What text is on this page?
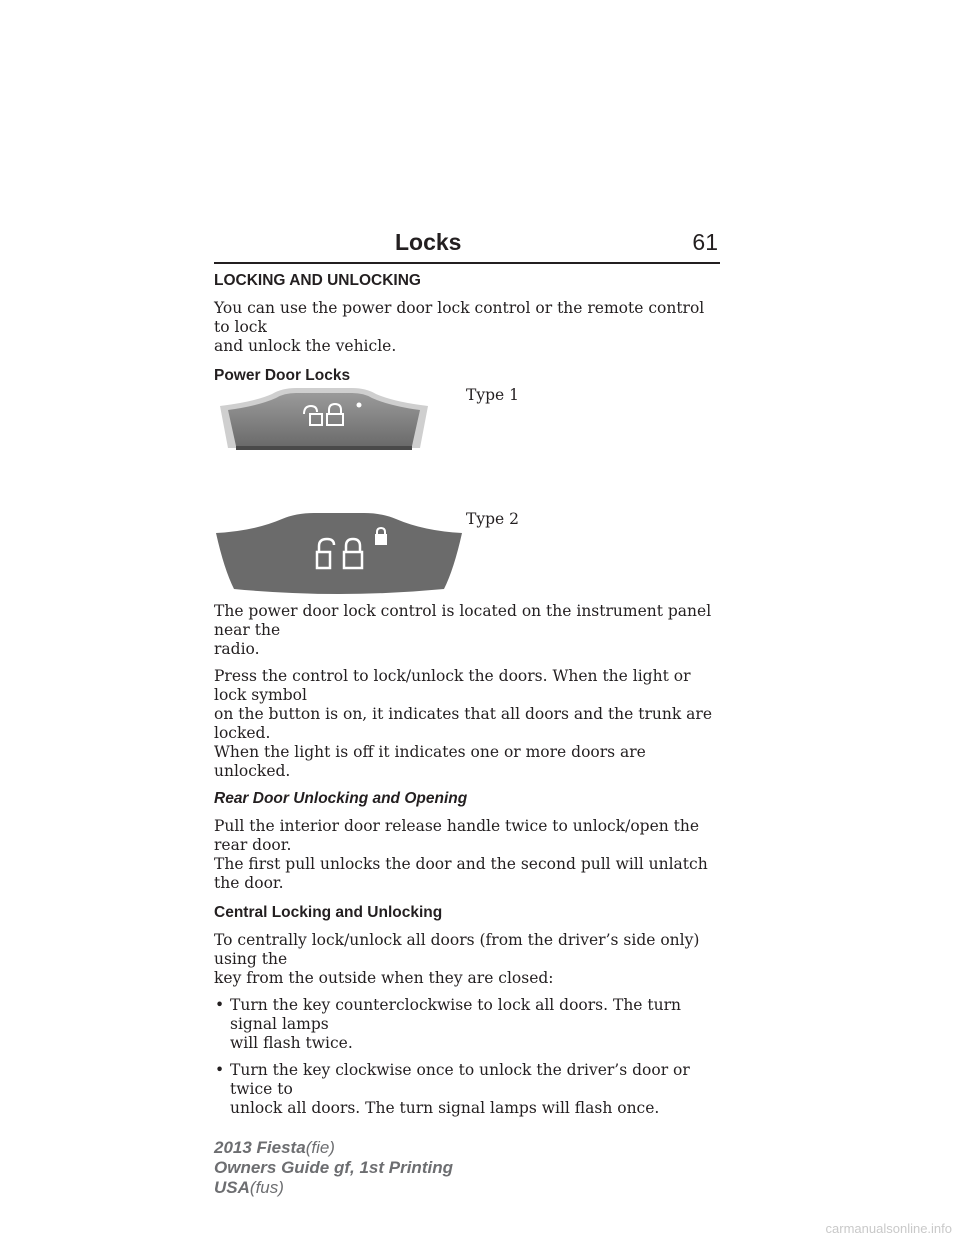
Locks	61

LOCKING AND UNLOCKING

You can use the power door lock control or the remote control to lock

and unlock the vehicle.

Power Door Locks

Type 1
Type 2

The power door lock control is located on the instrument panel near the

radio.

Press the control to lock/unlock the doors. When the light or lock symbol

on the button is on, it indicates that all doors and the trunk are locked.

When the light is off it indicates one or more doors are unlocked.

Rear Door Unlocking and Opening

Pull the interior door release handle twice to unlock/open the rear door.

The first pull unlocks the door and the second pull will unlatch the door.

Central Locking and Unlocking

To centrally lock/unlock all doors (from the driver’s side only) using the

key from the outside when they are closed:

• Turn the key counterclockwise to lock all doors. The turn signal lamps
will flash twice.
• Turn the key clockwise once to unlock the driver’s door or twice to
unlock all doors. The turn signal lamps will flash once.
2013 Fiesta(fie)
Owners Guide gf, 1st Printing
USA(fus)
carmanualsonline.info
